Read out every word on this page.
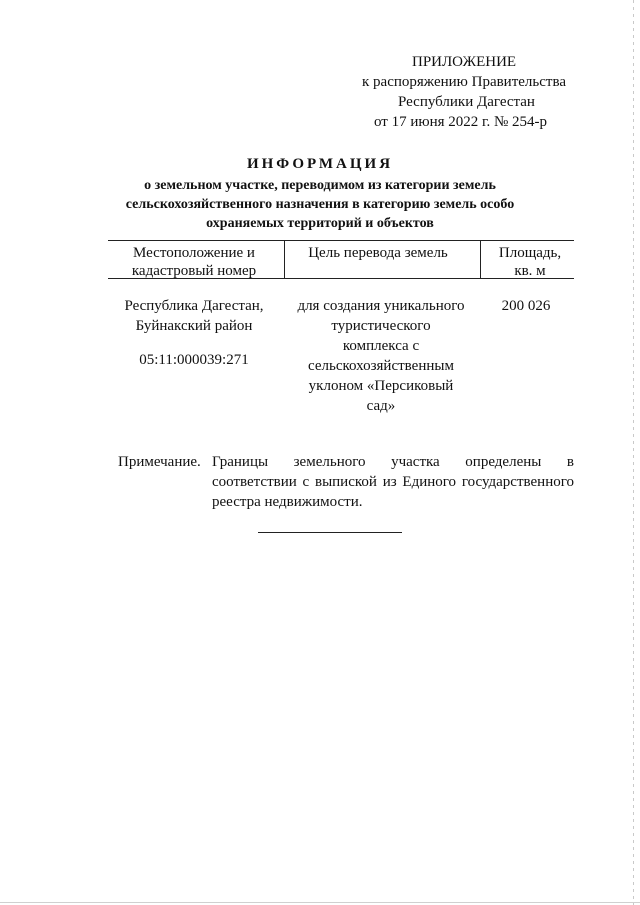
ПРИЛОЖЕНИЕ
к распоряжению Правительства
Республики Дагестан
от 17 июня 2022 г. № 254-р
ИНФОРМАЦИЯ
о земельном участке, переводимом из категории земель
сельскохозяйственного назначения в категорию земель особо
охраняемых территорий и объектов
Местоположение и
кадастровый номер
Цель перевода земель	Площадь,
кв. м
Республика Дагестан,
Буйнакский район
05:11:000039:271
для создания уникального
туристического
комплекса с
сельскохозяйственным
уклоном «Персиковый
сад»
200 026
Примечание. Границы земельного участка определены в соответствии с выпиской из Единого государственного реестра недвижимости.
